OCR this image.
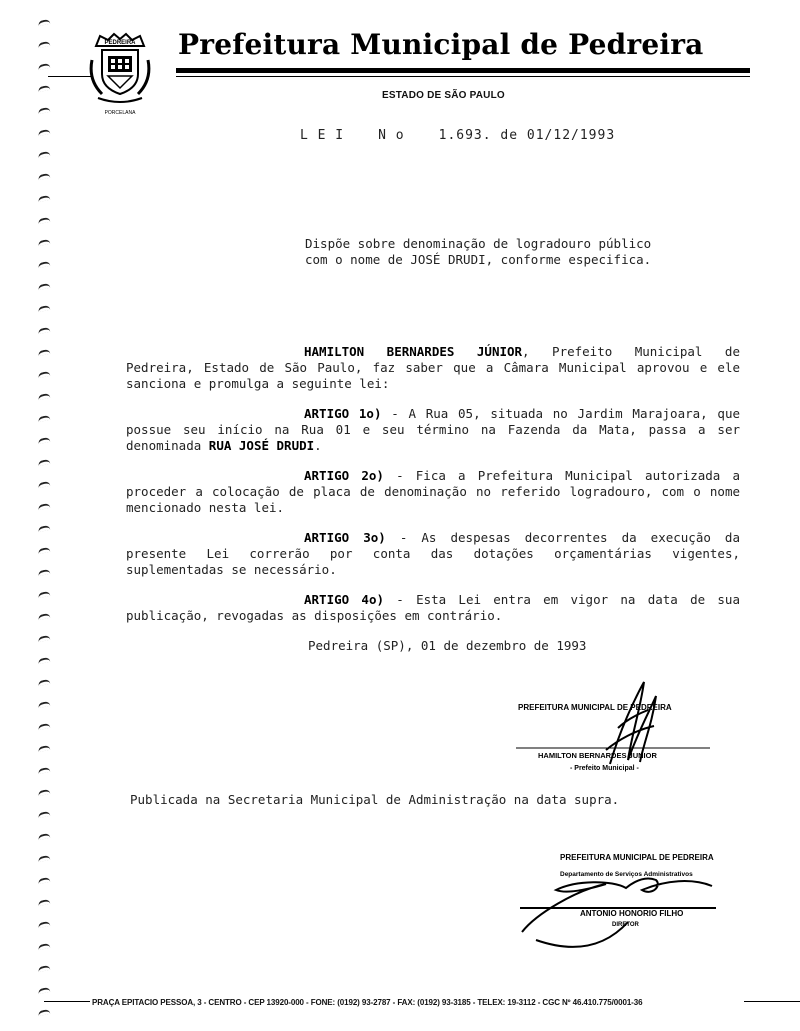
PEDREIRA
PORCELANA
Prefeitura Municipal de Pedreira
ESTADO DE SÃO PAULO
L E I	N o	1.693. de 01/12/1993
Dispõe sobre denominação de logradouro público
com o nome de JOSÉ DRUDI, conforme especifica.
HAMILTON BERNARDES JÚNIOR, Prefeito Municipal de Pedreira, Estado de São Paulo, faz saber que a Câmara Municipal aprovou e ele sanciona e promulga a seguinte lei:
ARTIGO 1o) - A Rua 05, situada no Jardim Marajoara, que possue seu início na Rua 01 e seu término na Fazenda da Mata, passa a ser denominada RUA JOSÉ DRUDI.
ARTIGO 2o) - Fica a Prefeitura Municipal autorizada a proceder a colocação de placa de denominação no referido logradouro, com o nome mencionado nesta lei.
ARTIGO 3o) - As despesas decorrentes da execução da presente Lei correrão por conta das dotações orçamentárias vigentes, suplementadas se necessário.
ARTIGO 4o) - Esta Lei entra em vigor na data de sua publicação, revogadas as disposições em contrário.
Pedreira (SP), 01 de dezembro de 1993
PREFEITURA MUNICIPAL DE PEDREIRA
HAMILTON BERNARDES JUNIOR
- Prefeito Municipal -
Publicada na Secretaria Municipal de Administração na data supra.
PREFEITURA MUNICIPAL DE PEDREIRA
Departamento de Serviços Administrativos
ANTONIO HONORIO FILHO
DIRETOR
PRAÇA EPITACIO PESSOA, 3 - CENTRO - CEP 13920-000 - FONE: (0192) 93-2787 - FAX: (0192) 93-3185 - TELEX: 19-3112 - CGC Nº 46.410.775/0001-36
